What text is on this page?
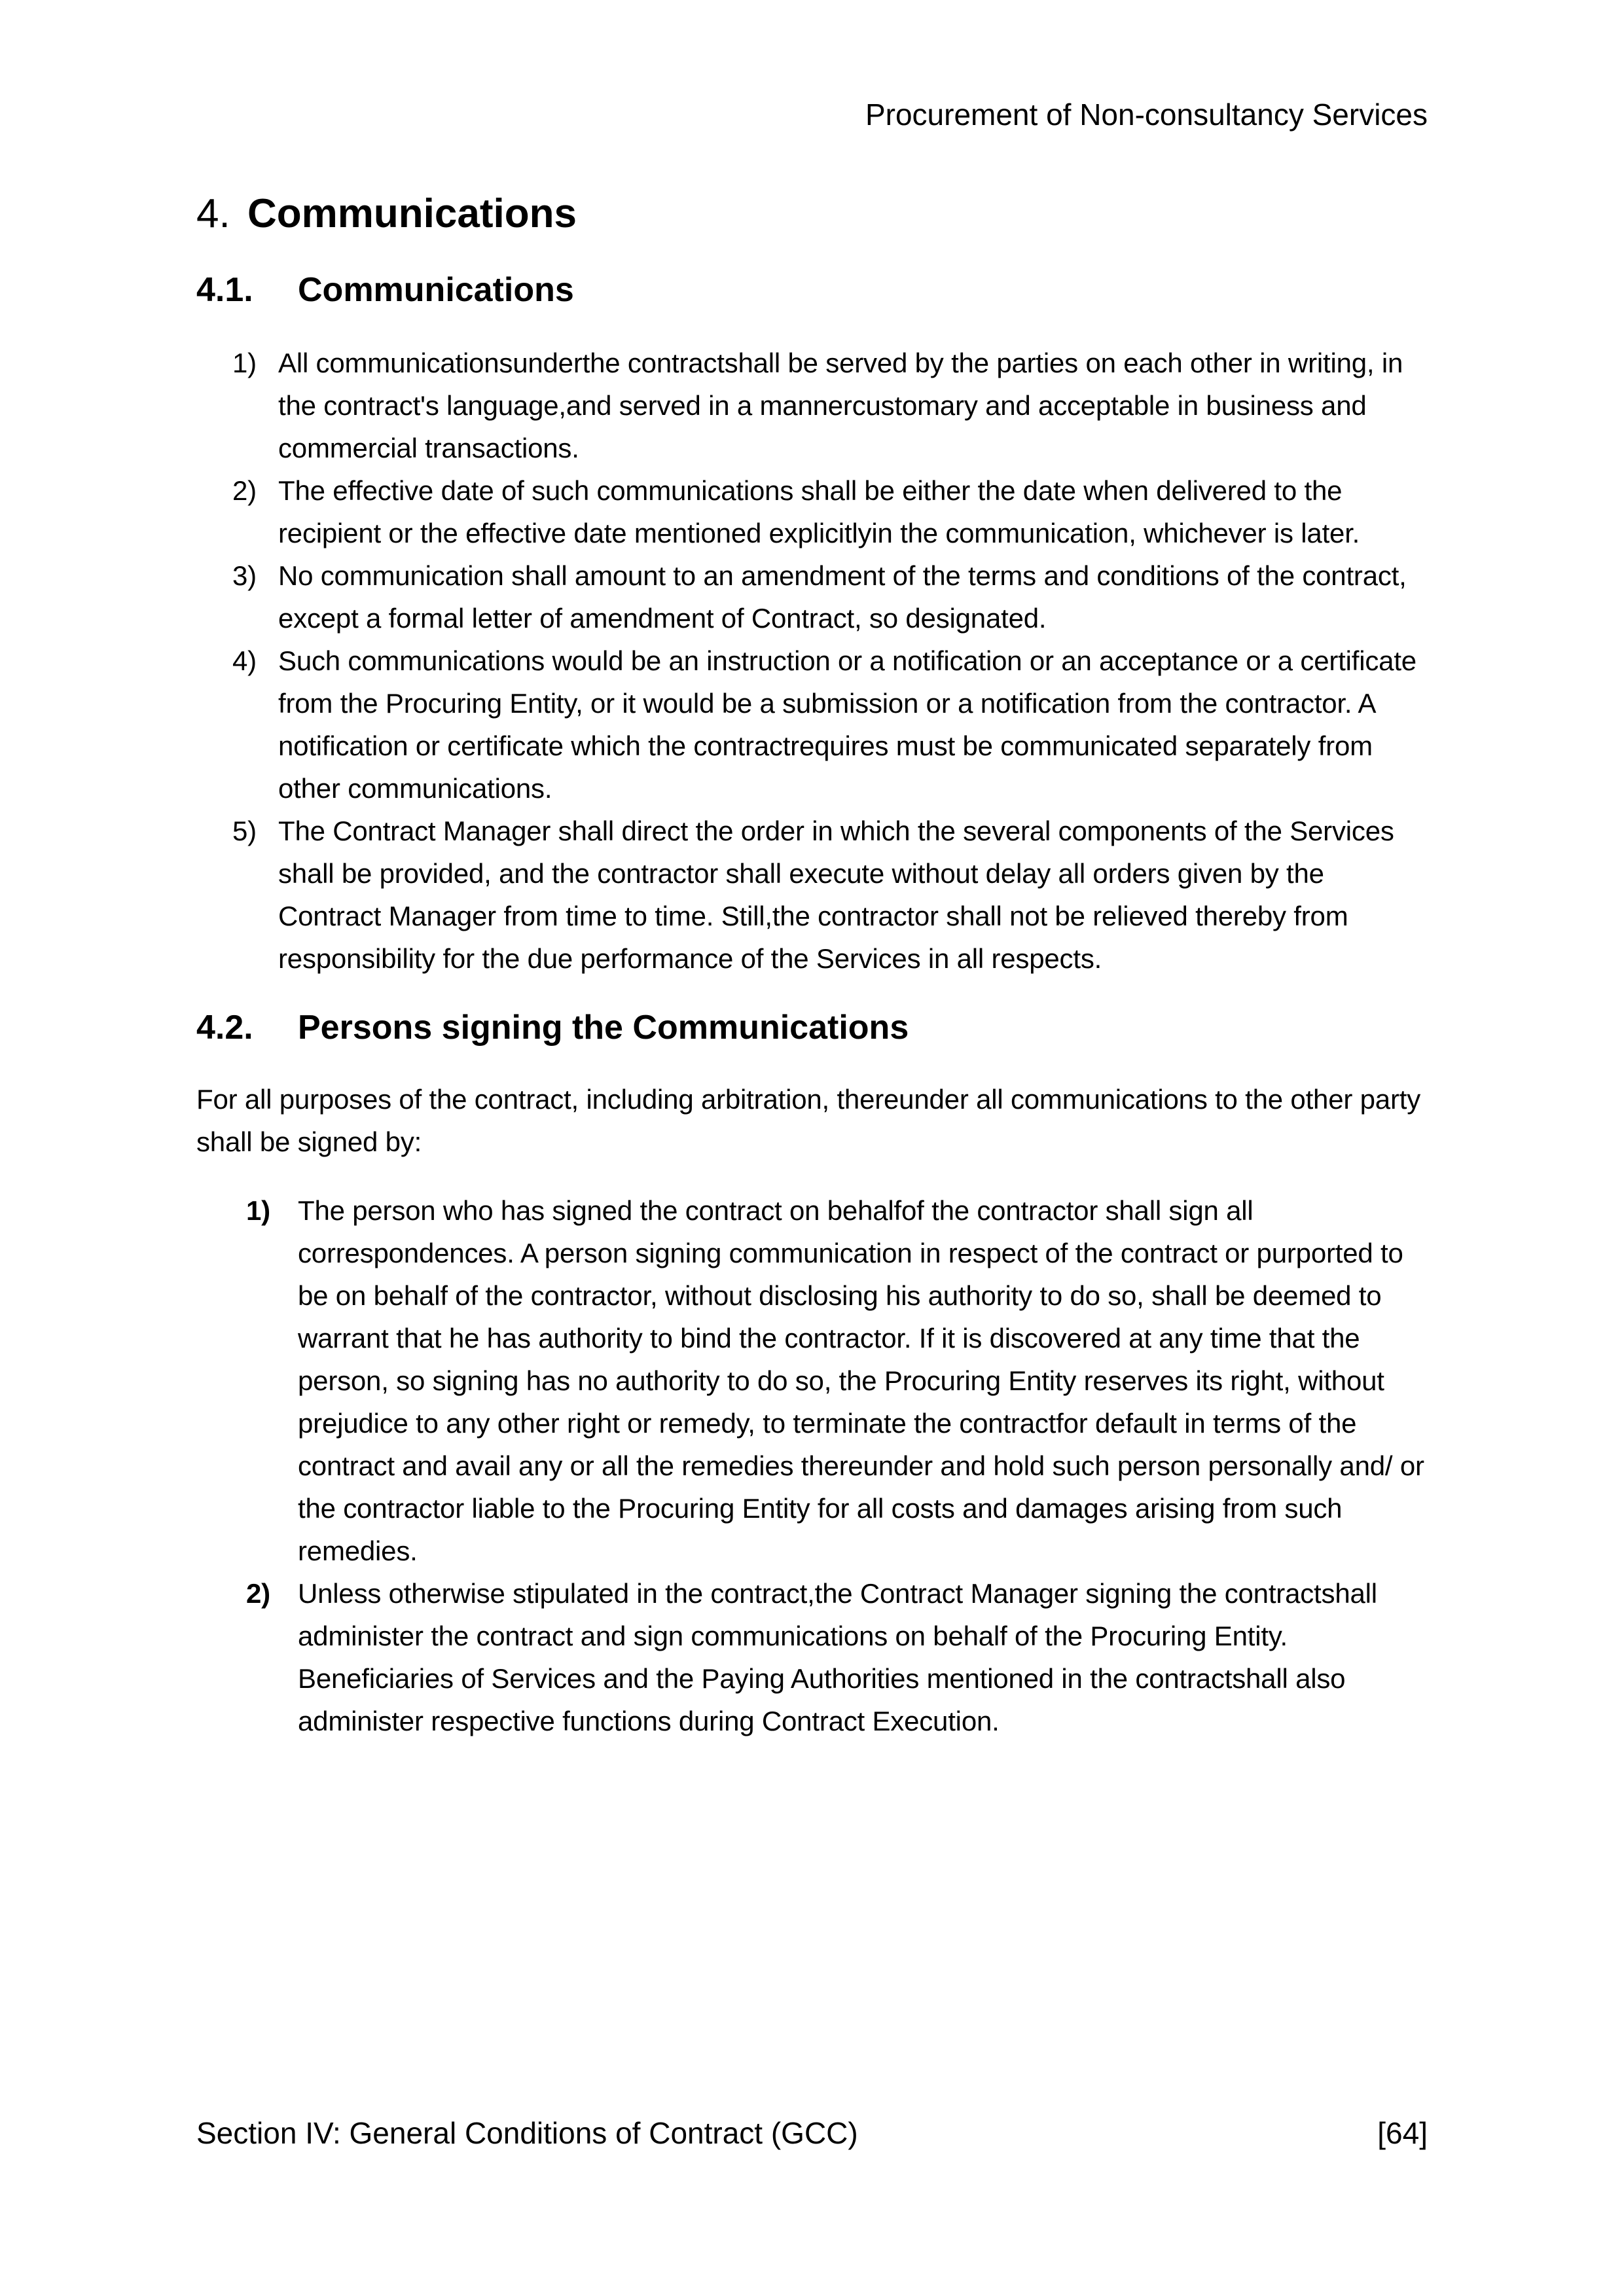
Procurement of Non-consultancy Services
4. Communications
4.1.	Communications
1) All communicationsunderthe contractshall be served by the parties on each other in writing, in the contract's language,and served in a mannercustomary and acceptable in business and commercial transactions.
2) The effective date of such communications shall be either the date when delivered to the recipient or the effective date mentioned explicitlyin the communication, whichever is later.
3) No communication shall amount to an amendment of the terms and conditions of the contract, except a formal letter of amendment of Contract, so designated.
4) Such communications would be an instruction or a notification or an acceptance or a certificate from the Procuring Entity, or it would be a submission or a notification from the contractor. A notification or certificate which the contractrequires must be communicated separately from other communications.
5) The Contract Manager shall direct the order in which the several components of the Services shall be provided, and the contractor shall execute without delay all orders given by the Contract Manager from time to time. Still,the contractor shall not be relieved thereby from responsibility for the due performance of the Services in all respects.
4.2.	Persons signing the Communications

For all purposes of the contract, including arbitration, thereunder all communications to the other party shall be signed by:

1) The person who has signed the contract on behalfof the contractor shall sign all correspondences. A person signing communication in respect of the contract or purported to be on behalf of the contractor, without disclosing his authority to do so, shall be deemed to warrant that he has authority to bind the contractor. If it is discovered at any time that the person, so signing has no authority to do so, the Procuring Entity reserves its right, without prejudice to any other right or remedy, to terminate the contractfor default in terms of the contract and avail any or all the remedies thereunder and hold such person personally and/ or the contractor liable to the Procuring Entity for all costs and damages arising from such remedies.
2) Unless otherwise stipulated in the contract,the Contract Manager signing the contractshall administer the contract and sign communications on behalf of the Procuring Entity. Beneficiaries of Services and the Paying Authorities mentioned in the contractshall also administer respective functions during Contract Execution.
Section IV: General Conditions of Contract (GCC)	[64]
